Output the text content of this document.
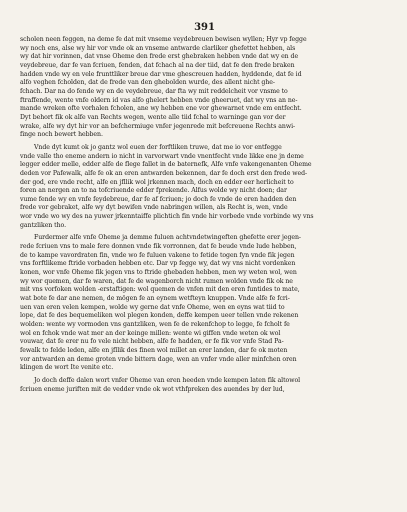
391
scholen neen feggen, na deme fe dat mit vnseme veydebreuen bewisen wyllen; Hyr vp fegge
wy noch ens, alse wy hir vor vnde ok an vnseme antwarde clarliker ghefettet hebben, als
wy dat hir vorinnen, dat vnse Oheme den frede erst ghebraken hebben vnde dat wy en de
veydebreue, dar fe van fcriuen, fenden, dat fchach al na der tiid, dat fe den frede braken
hadden vnde wy en vele frunttliker breue dar vme ghescreuen hadden, hyddende, dat fe id
alfo veghen fcholden, dat de frede van den ghebolden wurde, des allent nicht ghe-
fchach. Dar na do fende wy en de veydebreue, dar fta wy mit reddelcheit vor vnsme to
ftraffende, wente vnfe oldern id vas alfo ghelert hebben vnde gheeruet, dat wy vns an ne-
mande wreken ofte vorhalen fcholen, ane wy hebben ene vor ghewarnet vnde em entfecht.
Dyt behort fik ok alfe van Rechts wegen, wente alle tiid fchal to warninge gan vor der
wrake, alfe wy dyt hir vor an befchermiuge vnfer jegenrede mit befcreuene Rechts anwi-
finge noch bewert hebben.
Vnde dyt kumt ok jo gantz wol euen der forftliken truwe, dat me io vor entfegge
vnde valle tho eneme andern io nicht in varvorwart vnde vnentfecht vnde likke ene jn deme
legger edder melle, edder alfe de flege fallet in de baternefk, Alfe vnfe vakengenanten Oheme
deden vor Pafewalk, alfe fe ok an eren antwarden bekennen, dar fe doch erst den frede wed-
der god, ere vnde recht, alfe en jfllik wol jrkennen mach, doch en edder eer herlicheit to
foren an nergen an to na tofcriuende edder fprekende. Alfus wolde wy nicht doen; dar
vume fende wy en vnfe feydebreue, dar fe af fcriuen; jo doch fe vnde de eren hadden den
frede vor gebraket, alfe wy dyt bewifen vnde nabringen willen, als Recht is, wen, vnde
wor vnde wo wy des na yuwer jrkenntaiffe plichtich fin vnde hir vorbede vnde vorbinde wy vns
gantzliken tho.
Furdermer alfe vnfe Oheme ja demme fuluen achtvndetwingeften ghefette erer jegen-
rede fcriuen vns to male fere donnen vnde fik vorronnen, dat fe beude vnde lude hebben,
de to kampe vavordraten fin, vnde wo fe fuluen vakene to fetide togen fyn vnde fik jegen
vns forftlikeme ftride vorbaden hebben etc. Dar vp fegge wy, dat wy vns nicht vordenken
konen, wor vnfe Oheme fik jegen vns to ftride ghebaden hebben, men wy weten wol, wen
wy wor quemen, dar fe waren, dat fe de wagenborch nicht rumen wolden vnde fik ok ne
mit vns vorfoken wolden -erstaftigen: wol quemen de vnfen mit den eren funtides to mate,
wat bote fe dar ane nemen, de mögen fe an eynem wetfteyn knuppen. Vnde alfe fe fcri-
uen van eren velen kempen, wolde wy gerne dat vnfe Oheme, wen en eyns wat tiid to
lope, dat fe des bequemeliken wol plegen konden, deffe kempen ueer tellen vnde rekenen
wolden: wente wy vormoden vns gantzliken, wen fe de rekenfchop to legge, fe fcholt fe
wol en fchok vnde wat mer an der keinge millen: wente wi giffen vnde weten ok wol
vouwar, dat fe erer nu fo vele nicht hebben, alfe fe hadden, er fe fik vor vnfe Stad Pa-
fewalk to felde leden, alfe en jfllik des finen wol millet an erer landen, dar fe ok moten
vor antwarden an deme groten vnde bittern dage, wen an vnfer vnde aller minfchen oren
klingen de wort Ite venite etc.
Jo doch deffe dalen wort vnfer Oheme van eren heeden vnde kempen laten fik altowol
fcriuen eneme juriften mit de vedder vnde ok wot vthfpreken des auendes by der lud,
